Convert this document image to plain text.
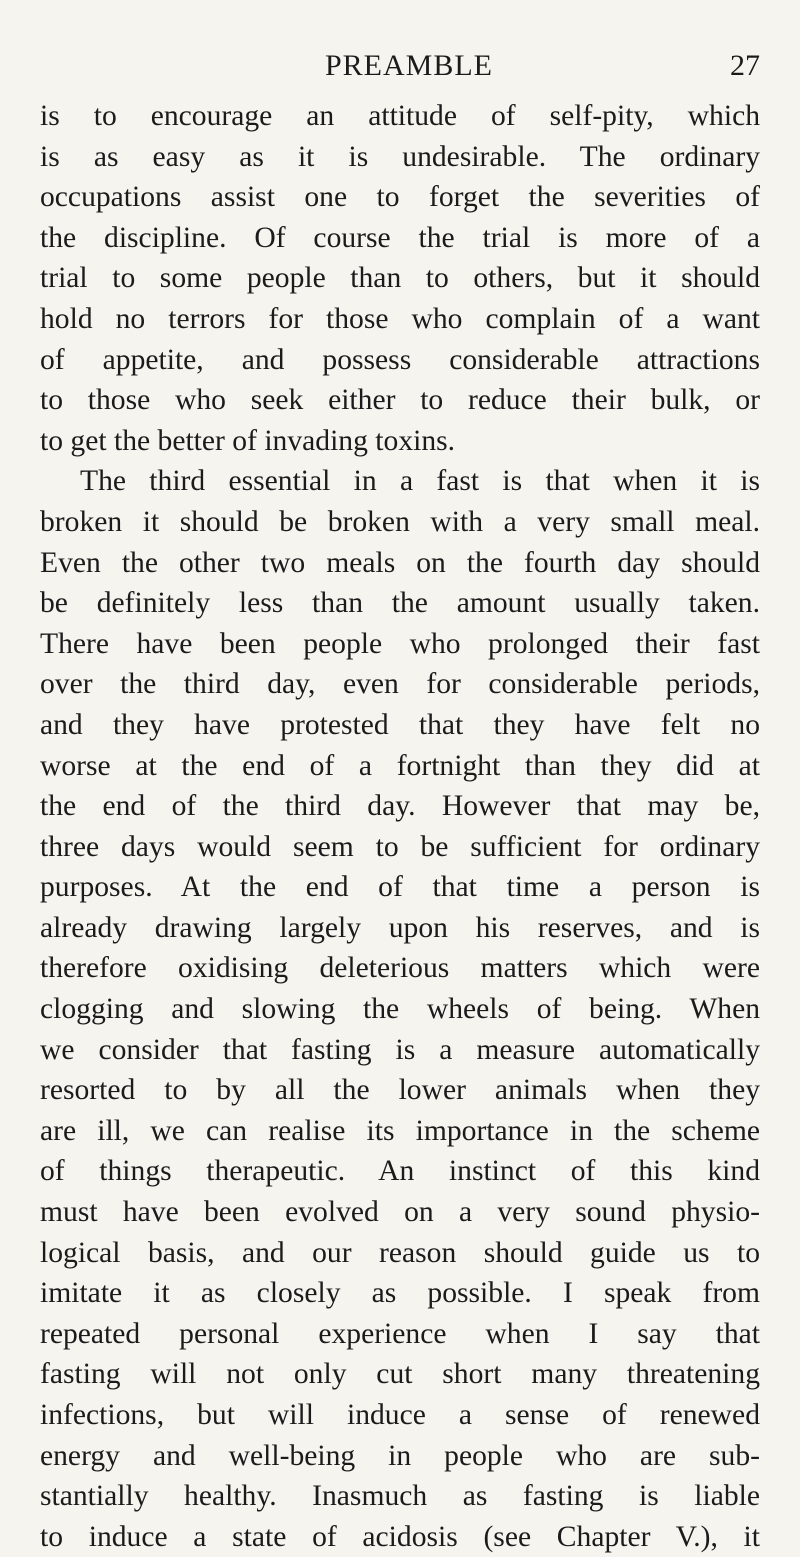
PREAMBLE	27
is to encourage an attitude of self-pity, which
is as easy as it is undesirable. The ordinary
occupations assist one to forget the severities of
the discipline. Of course the trial is more of a
trial to some people than to others, but it should
hold no terrors for those who complain of a want
of appetite, and possess considerable attractions
to those who seek either to reduce their bulk, or
to get the better of invading toxins.
The third essential in a fast is that when it is
broken it should be broken with a very small meal.
Even the other two meals on the fourth day should
be definitely less than the amount usually taken.
There have been people who prolonged their fast
over the third day, even for considerable periods,
and they have protested that they have felt no
worse at the end of a fortnight than they did at
the end of the third day. However that may be,
three days would seem to be sufficient for ordinary
purposes. At the end of that time a person is
already drawing largely upon his reserves, and is
therefore oxidising deleterious matters which were
clogging and slowing the wheels of being. When
we consider that fasting is a measure automatically
resorted to by all the lower animals when they
are ill, we can realise its importance in the scheme
of things therapeutic. An instinct of this kind
must have been evolved on a very sound physio-
logical basis, and our reason should guide us to
imitate it as closely as possible. I speak from
repeated personal experience when I say that
fasting will not only cut short many threatening
infections, but will induce a sense of renewed
energy and well-being in people who are sub-
stantially healthy. Inasmuch as fasting is liable
to induce a state of acidosis (see Chapter V.), it
